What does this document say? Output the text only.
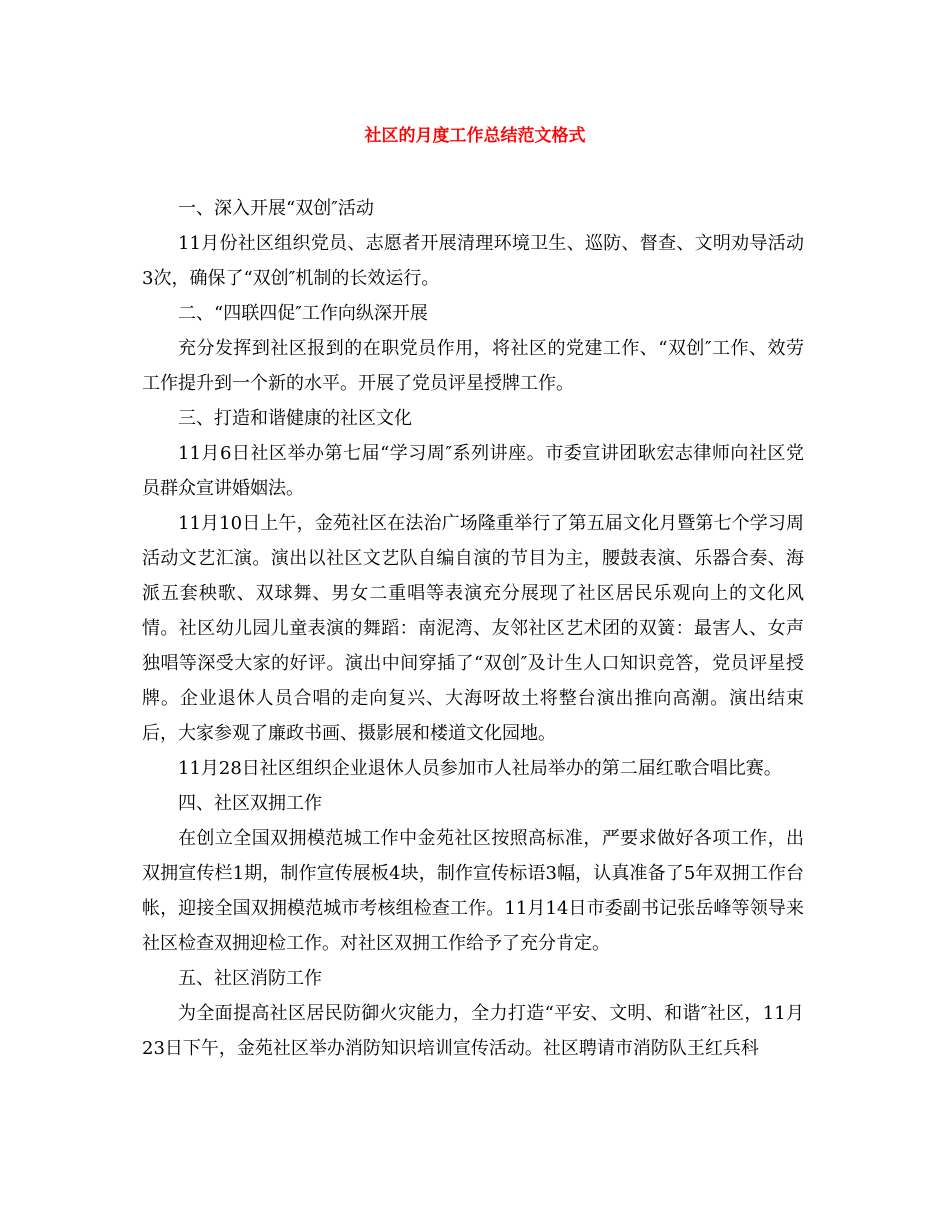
社区的月度工作总结范文格式

一、深入开展“双创″活动

11月份社区组织党员、志愿者开展清理环境卫生、巡防、督查、文明劝导活动3次，确保了“双创″机制的长效运行。

二、“四联四促″工作向纵深开展

充分发挥到社区报到的在职党员作用，将社区的党建工作、“双创″工作、效劳工作提升到一个新的水平。开展了党员评星授牌工作。

三、打造和谐健康的社区文化

11月6日社区举办第七届“学习周″系列讲座。市委宣讲团耿宏志律师向社区党员群众宣讲婚姻法。

11月10日上午，金苑社区在法治广场隆重举行了第五届文化月暨第七个学习周活动文艺汇演。演出以社区文艺队自编自演的节目为主，腰鼓表演、乐器合奏、海派五套秧歌、双球舞、男女二重唱等表演充分展现了社区居民乐观向上的文化风情。社区幼儿园儿童表演的舞蹈：南泥湾、友邻社区艺术团的双簧：最害人、女声独唱等深受大家的好评。演出中间穿插了“双创″及计生人口知识竞答，党员评星授牌。企业退休人员合唱的走向复兴、大海呀故土将整台演出推向高潮。演出结束后，大家参观了廉政书画、摄影展和楼道文化园地。

11月28日社区组织企业退休人员参加市人社局举办的第二届红歌合唱比赛。

四、社区双拥工作

在创立全国双拥模范城工作中金苑社区按照高标准，严要求做好各项工作，出双拥宣传栏1期，制作宣传展板4块，制作宣传标语3幅，认真准备了5年双拥工作台帐，迎接全国双拥模范城市考核组检查工作。11月14日市委副书记张岳峰等领导来社区检查双拥迎检工作。对社区双拥工作给予了充分肯定。

五、社区消防工作

为全面提高社区居民防御火灾能力，全力打造“平安、文明、和谐″社区，11月23日下午，金苑社区举办消防知识培训宣传活动。社区聘请市消防队王红兵科
